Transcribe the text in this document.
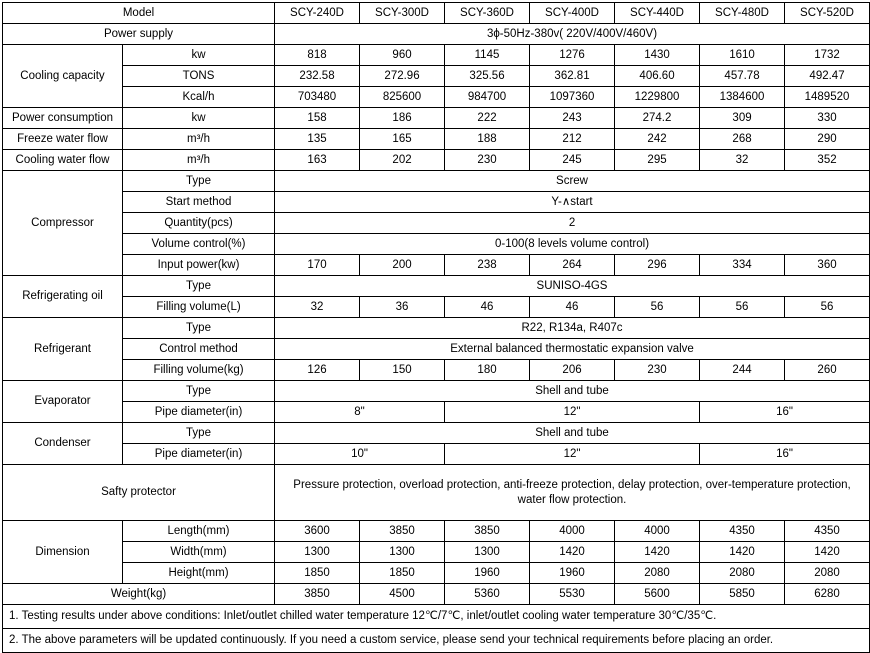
Model		SCY-240D	SCY-300D	SCY-360D	SCY-400D	SCY-440D	SCY-480D	SCY-520D
Power supply		3ϕ-50Hz-380v( 220V/400V/460V)						
Cooling capacity	kw	818	960	1145	1276	1430	1610	1732
	TONS	232.58	272.96	325.56	362.81	406.60	457.78	492.47
	Kcal/h	703480	825600	984700	1097360	1229800	1384600	1489520
Power consumption	kw	158	186	222	243	274.2	309	330
Freeze water flow	m³/h	135	165	188	212	242	268	290
Cooling water flow	m³/h	163	202	230	245	295	32	352
Compressor	Type	Screw						
	Start method	Y-∧start						
	Quantity(pcs)	2						
	Volume control(%)	0-100(8 levels volume control)						
	Input power(kw)	170	200	238	264	296	334	360
Refrigerating oil	Type	SUNISO-4GS						
	Filling volume(L)	32	36	46	46	56	56	56
Refrigerant	Type	R22, R134a, R407c						
	Control method	External balanced thermostatic expansion valve						
	Filling volume(kg)	126	150	180	206	230	244	260
Evaporator	Type	Shell and tube						
	Pipe diameter(in)	8"		12"			16"	
Condenser	Type	Shell and tube						
	Pipe diameter(in)	10"		12"			16"	
Safty protector		Pressure protection, overload protection, anti-freeze protection, delay protection, over-temperature protection, water flow protection.						
Dimension	Length(mm)	3600	3850	3850	4000	4000	4350	4350
	Width(mm)	1300	1300	1300	1420	1420	1420	1420
	Height(mm)	1850	1850	1960	1960	2080	2080	2080
Weight(kg)		3850	4500	5360	5530	5600	5850	6280
1. Testing results under above conditions: Inlet/outlet chilled water temperature 12℃/7℃, inlet/outlet cooling water temperature 30℃/35℃.								
2. The above parameters will be updated continuously. If you need a custom service, please send your technical requirements before placing an order.								
